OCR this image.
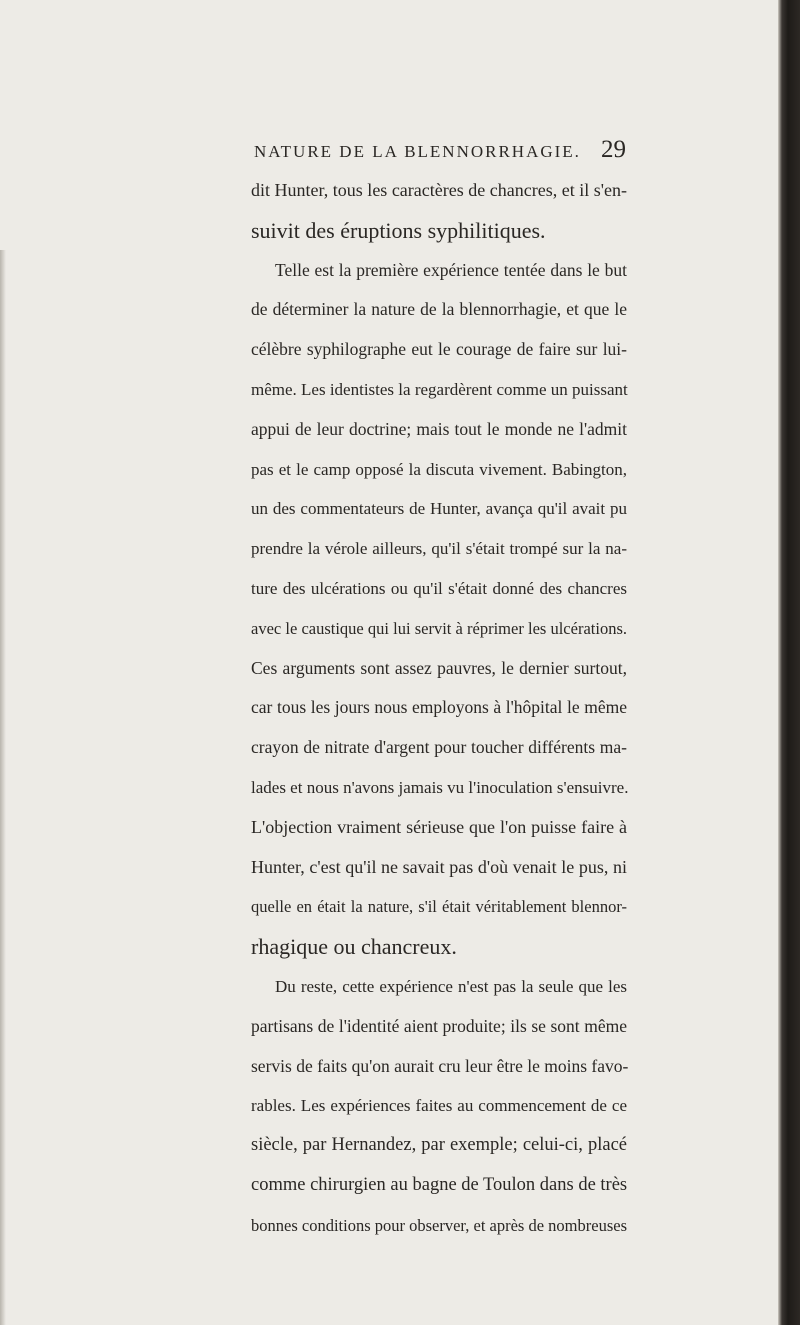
NATURE DE LA BLENNORRHAGIE. 29
dit Hunter, tous les caractères de chancres, et il s'en-
suivit des éruptions syphilitiques.
Telle est la première expérience tentée dans le but
de déterminer la nature de la blennorrhagie, et que le
célèbre syphilographe eut le courage de faire sur lui-
même. Les identistes la regardèrent comme un puissant
appui de leur doctrine; mais tout le monde ne l'admit
pas et le camp opposé la discuta vivement. Babington,
un des commentateurs de Hunter, avança qu'il avait pu
prendre la vérole ailleurs, qu'il s'était trompé sur la na-
ture des ulcérations ou qu'il s'était donné des chancres
avec le caustique qui lui servit à réprimer les ulcérations.
Ces arguments sont assez pauvres, le dernier surtout,
car tous les jours nous employons à l'hôpital le même
crayon de nitrate d'argent pour toucher différents ma-
lades et nous n'avons jamais vu l'inoculation s'ensuivre.
L'objection vraiment sérieuse que l'on puisse faire à
Hunter, c'est qu'il ne savait pas d'où venait le pus, ni
quelle en était la nature, s'il était véritablement blennor-
rhagique ou chancreux.
Du reste, cette expérience n'est pas la seule que les
partisans de l'identité aient produite; ils se sont même
servis de faits qu'on aurait cru leur être le moins favo-
rables. Les expériences faites au commencement de ce
siècle, par Hernandez, par exemple; celui-ci, placé
comme chirurgien au bagne de Toulon dans de très
bonnes conditions pour observer, et après de nombreuses
